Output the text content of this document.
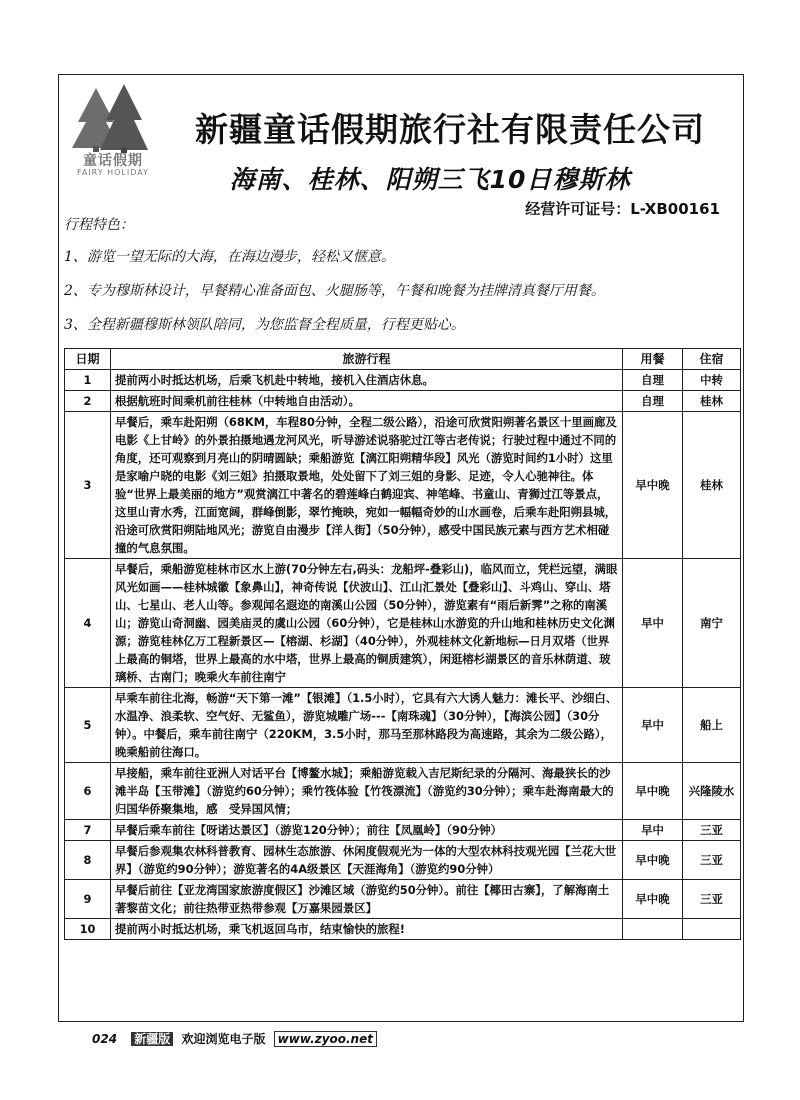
童话假期
FAIRY HOLIDAY
新疆童话假期旅行社有限责任公司
海南、桂林、阳朔三飞10日穆斯林
经营许可证号：L-XB00161
行程特色：
1、游览一望无际的大海，在海边漫步，轻松又惬意。
2、专为穆斯林设计，早餐精心准备面包、火腿肠等，午餐和晚餐为挂牌清真餐厅用餐。
3、全程新疆穆斯林领队陪同，为您监督全程质量，行程更贴心。
日期	旅游行程	用餐	住宿
1	提前两小时抵达机场，后乘飞机赴中转地，接机入住酒店休息。	自理	中转
2	根据航班时间乘机前往桂林（中转地自由活动）。	自理	桂林
3	早餐后，乘车赴阳朔（68KM，车程80分钟，全程二级公路），沿途可欣赏阳朔著名景区十里画廊及电影《上甘岭》的外景拍摄地遇龙河风光，听导游述说骆驼过江等古老传说；行驶过程中通过不同的角度，还可观察到月亮山的阴晴圆缺；乘船游览【漓江阳朔精华段】风光（游览时间约1小时）这里是家喻户晓的电影《刘三姐》拍摄取景地，处处留下了刘三姐的身影、足迹，令人心驰神往。体验“世界上最美丽的地方”观赏漓江中著名的碧莲峰白鹤迎宾、神笔峰、书童山、青狮过江等景点，这里山青水秀，江面宽阔，群峰倒影，翠竹掩映，宛如一幅幅奇妙的山水画卷，后乘车赴阳朔县城，沿途可欣赏阳朔陆地风光；游览自由漫步【洋人街】（50分钟），感受中国民族元素与西方艺术相碰撞的气息氛围。	早中晚	桂林
4	早餐后，乘船游览桂林市区水上游(70分钟左右,码头：龙船坪-叠彩山)，临风而立，凭栏远望，满眼风光如画——桂林城徽【象鼻山】，神奇传说【伏波山】、江山汇景处【叠彩山】、斗鸡山、穿山、塔山、七星山、老人山等。参观闻名遐迩的南溪山公园（50分钟），游览素有“雨后新霁”之称的南溪山；游览山奇洞幽、园美庙灵的虞山公园（60分钟），它是桂林山水游览的升山地和桂林历史文化渊源；游览桂林亿万工程新景区—【榕湖、杉湖】（40分钟），外观桂林文化新地标—日月双塔（世界上最高的铜塔，世界上最高的水中塔，世界上最高的铜质建筑），闲逛榕杉湖景区的音乐林荫道、玻璃桥、古南门；晚乘火车前往南宁	早中	南宁
5	早乘车前往北海，畅游“天下第一滩”【银滩】（1.5小时），它具有六大诱人魅力：滩长平、沙细白、水温净、浪柔软、空气好、无鲨鱼），游览城雕广场---【南珠魂】（30分钟），【海滨公园】（30分钟）。中餐后，乘车前往南宁（220KM，3.5小时，那马至那林路段为高速路，其余为二级公路），晚乘船前往海口。	早中	船上
6	早接船，乘车前往亚洲人对话平台【博鳌水城】；乘船游览载入吉尼斯纪录的分隔河、海最狭长的沙滩半岛【玉带滩】（游览约60分钟）；乘竹筏体验【竹筏漂流】（游览约30分钟）；乘车赴海南最大的归国华侨聚集地，感　受异国风情；	早中晚	兴隆陵水
7	早餐后乘车前往【呀诺达景区】（游览120分钟）；前往【凤凰岭】（90分钟）	早中	三亚
8	早餐后参观集农林科普教育、园林生态旅游、休闲度假观光为一体的大型农林科技观光园【兰花大世界】（游览约90分钟）；游览著名的4A级景区【天涯海角】（游览约90分钟）	早中晚	三亚
9	早餐后前往【亚龙湾国家旅游度假区】沙滩区域（游览约50分钟）。前往【椰田古寨】，了解海南土著黎苗文化；前往热带亚热带参观【万嘉果园景区】	早中晚	三亚
10	提前两小时抵达机场，乘飞机返回乌市，结束愉快的旅程!		
024 新疆版 欢迎浏览电子版 www.zyoo.net
